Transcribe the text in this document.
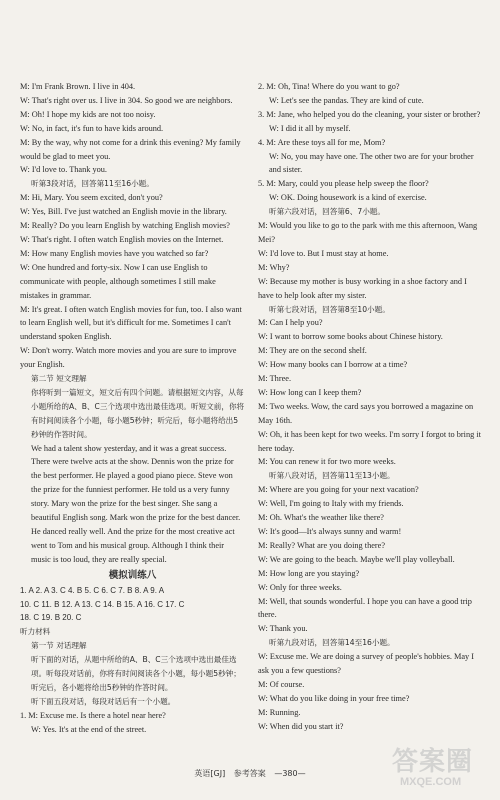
M: I'm Frank Brown. I live in 404.
W: That's right over us. I live in 304. So good we are neighbors.
M: Oh! I hope my kids are not too noisy.
W: No, in fact, it's fun to have kids around.
M: By the way, why not come for a drink this evening? My family would be glad to meet you.
W: I'd love to. Thank you.
听第3段对话，回答第11至16小题。
M: Hi, Mary. You seem excited, don't you?
W: Yes, Bill. I've just watched an English movie in the library.
M: Really? Do you learn English by watching English movies?
W: That's right. I often watch English movies on the Internet.
M: How many English movies have you watched so far?
W: One hundred and forty-six. Now I can use English to communicate with people, although sometimes I still make mistakes in grammar.
M: It's great. I often watch English movies for fun, too. I also want to learn English well, but it's difficult for me. Sometimes I can't understand spoken English.
W: Don't worry. Watch more movies and you are sure to improve your English.
第二节 短文理解
你将听到一篇短文，短文后有四个问题。请根据短文内容，从每小题所给的A、B、C三个选项中选出最佳选项。听短文前，你将有时间阅读各个小题，每小题5秒钟；听完后，每小题将给出5秒钟的作答时间。
We had a talent show yesterday, and it was a great success. There were twelve acts at the show. Dennis won the prize for the best performer. He played a good piano piece. Steve won the prize for the funniest performer. He told us a very funny story. Mary won the prize for the best singer. She sang a beautiful English song. Mark won the prize for the best dancer. He danced really well. And the prize for the most creative act went to Tom and his musical group. Although I think their music is too loud, they are really special.
模拟训练八
1. A 2. A 3. C 4. B 5. C 6. C 7. B 8. A 9. A
10. C 11. B 12. A 13. C 14. B 15. A 16. C 17. C
18. C 19. B 20. C
听力材料
第一节 对话理解
听下面的对话，从题中所给的A、B、C三个选项中选出最佳选项。听每段对话前，你将有时间阅读各个小题，每小题5秒钟；听完后，各小题将给出5秒钟的作答时间。
听下面五段对话，每段对话后有一个小题。
1. M: Excuse me. Is there a hotel near here?
W: Yes. It's at the end of the street.
2. M: Oh, Tina! Where do you want to go?
W: Let's see the pandas. They are kind of cute.
3. M: Jane, who helped you do the cleaning, your sister or brother?
W: I did it all by myself.
4. M: Are these toys all for me, Mom?
W: No, you may have one. The other two are for your brother and sister.
5. M: Mary, could you please help sweep the floor?
W: OK. Doing housework is a kind of exercise.
听第六段对话，回答第6、7小题。
M: Would you like to go to the park with me this afternoon, Wang Mei?
W: I'd love to. But I must stay at home.
M: Why?
W: Because my mother is busy working in a shoe factory and I have to help look after my sister.
听第七段对话，回答第8至10小题。
M: Can I help you?
W: I want to borrow some books about Chinese history.
M: They are on the second shelf.
W: How many books can I borrow at a time?
M: Three.
W: How long can I keep them?
M: Two weeks. Wow, the card says you borrowed a magazine on May 16th.
W: Oh, it has been kept for two weeks. I'm sorry I forgot to bring it here today.
M: You can renew it for two more weeks.
听第八段对话，回答第11至13小题。
M: Where are you going for your next vacation?
W: Well, I'm going to Italy with my friends.
M: Oh. What's the weather like there?
W: It's good—It's always sunny and warm!
M: Really? What are you doing there?
W: We are going to the beach. Maybe we'll play volleyball.
M: How long are you staying?
W: Only for three weeks.
M: Well, that sounds wonderful. I hope you can have a good trip there.
W: Thank you.
听第九段对话，回答第14至16小题。
W: Excuse me. We are doing a survey of people's hobbies. May I ask you a few questions?
M: Of course.
W: What do you like doing in your free time?
M: Running.
W: When did you start it?
英语[GJ] 参考答案 —380—	答案圈
MXQE.COM
